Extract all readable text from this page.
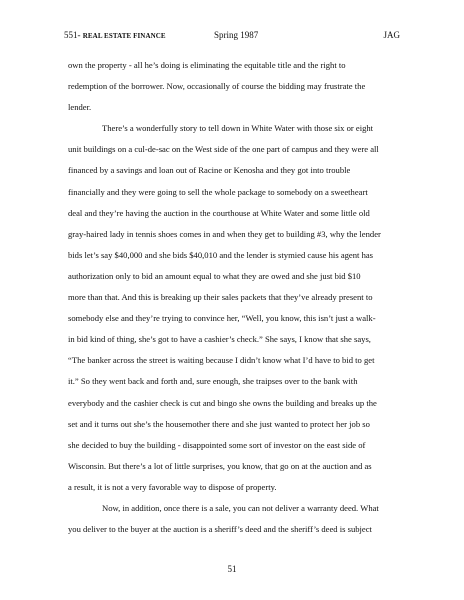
551- REAL ESTATE FINANCE	Spring 1987	JAG
own the property - all he’s doing is eliminating the equitable title and the right to
redemption of the borrower. Now, occasionally of course the bidding may frustrate the
lender.
There’s a wonderfully story to tell down in White Water with those six or eight
unit buildings on a cul-de-sac on the West side of the one part of campus and they were all
financed by a savings and loan out of Racine or Kenosha and they got into trouble
financially and they were going to sell the whole package to somebody on a sweetheart
deal and they’re having the auction in the courthouse at White Water and some little old
gray-haired lady in tennis shoes comes in and when they get to building #3, why the lender
bids let’s say $40,000 and she bids $40,010 and the lender is stymied cause his agent has
authorization only to bid an amount equal to what they are owed and she just bid $10
more than that. And this is breaking up their sales packets that they’ve already present to
somebody else and they’re trying to convince her, “Well, you know, this isn’t just a walk-
in bid kind of thing, she’s got to have a cashier’s check.” She says, I know that she says,
“The banker across the street is waiting because I didn’t know what I’d have to bid to get
it.” So they went back and forth and, sure enough, she traipses over to the bank with
everybody and the cashier check is cut and bingo she owns the building and breaks up the
set and it turns out she’s the housemother there and she just wanted to protect her job so
she decided to buy the building - disappointed some sort of investor on the east side of
Wisconsin. But there’s a lot of little surprises, you know, that go on at the auction and as
a result, it is not a very favorable way to dispose of property.
Now, in addition, once there is a sale, you can not deliver a warranty deed. What
you deliver to the buyer at the auction is a sheriff’s deed and the sheriff’s deed is subject
51
